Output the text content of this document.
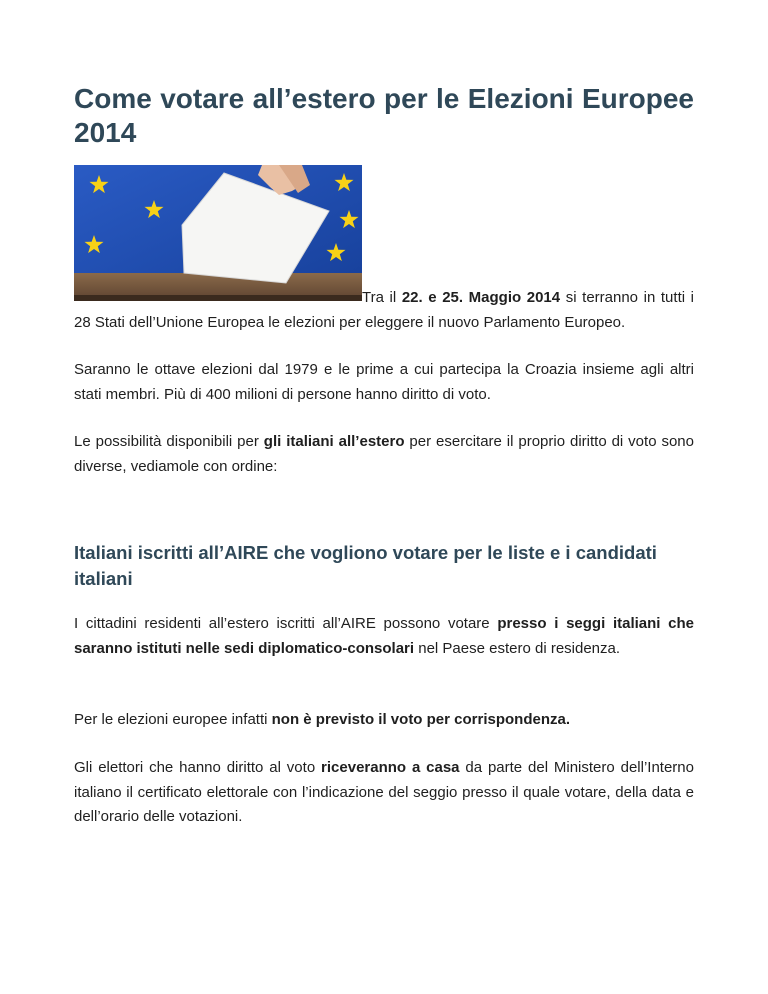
Come votare all’estero per le Elezioni Europee 2014

Tra il 22. e 25. Maggio 2014 si terranno in tutti i 28 Stati dell’Unione Europea le elezioni per eleggere il nuovo Parlamento Europeo.

Saranno le ottave elezioni dal 1979 e le prime a cui partecipa la Croazia insieme agli altri stati membri. Più di 400 milioni di persone hanno diritto di voto.

Le possibilità disponibili per gli italiani all’estero per esercitare il proprio diritto di voto sono diverse, vediamole con ordine:

Italiani iscritti all’AIRE che vogliono votare per le liste e i candidati italiani

I cittadini residenti all’estero iscritti all’AIRE possono votare presso i seggi italiani che saranno istituti nelle sedi diplomatico-consolari nel Paese estero di residenza.

Per le elezioni europee infatti non è previsto il voto per corrispondenza.

Gli elettori che hanno diritto al voto riceveranno a casa da parte del Ministero dell’Interno italiano il certificato elettorale con l’indicazione del seggio presso il quale votare, della data e dell’orario delle votazioni.
